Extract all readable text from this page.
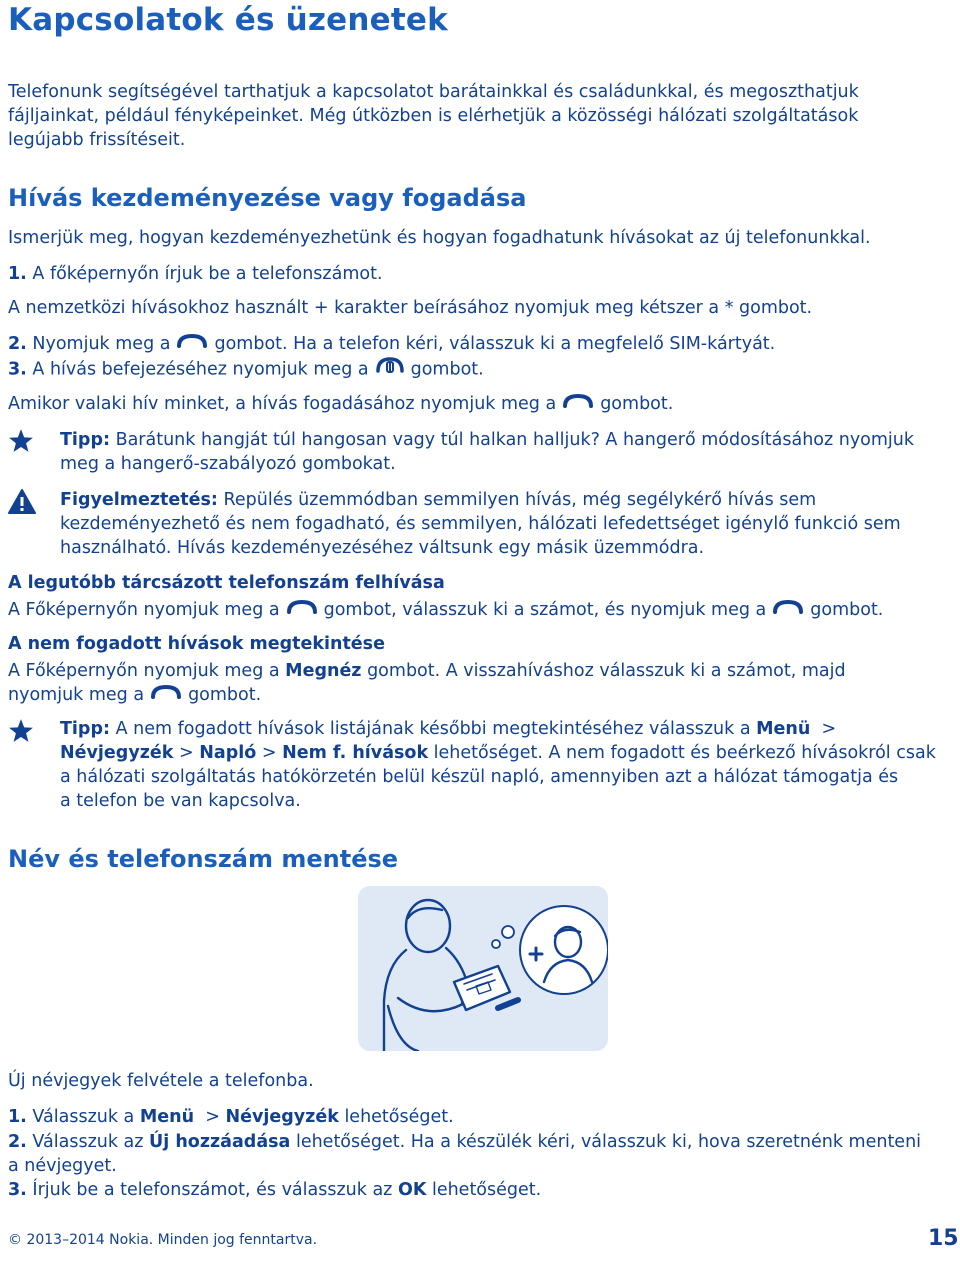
Kapcsolatok és üzenetek
Telefonunk segítségével tarthatjuk a kapcsolatot barátainkkal és családunkkal, és megoszthatjuk
fájljainkat, például fényképeinket. Még útközben is elérhetjük a közösségi hálózati szolgáltatások
legújabb frissítéseit.
Hívás kezdeményezése vagy fogadása
Ismerjük meg, hogyan kezdeményezhetünk és hogyan fogadhatunk hívásokat az új telefonunkkal.
1. A főképernyőn írjuk be a telefonszámot.
A nemzetközi hívásokhoz használt + karakter beírásához nyomjuk meg kétszer a * gombot.
2. Nyomjuk meg a	gombot. Ha a telefon kéri, válasszuk ki a megfelelő SIM-kártyát.
3. A hívás befejezéséhez nyomjuk meg a gombot.
Amikor valaki hív minket, a hívás fogadásához nyomjuk meg a	gombot.
Tipp: Barátunk hangját túl hangosan vagy túl halkan halljuk? A hangerő módosításához nyomjuk
meg a hangerő-szabályozó gombokat.
Figyelmeztetés: Repülés üzemmódban semmilyen hívás, még segélykérő hívás sem
kezdeményezhető és nem fogadható, és semmilyen, hálózati lefedettséget igénylő funkció sem
használható. Hívás kezdeményezéséhez váltsunk egy másik üzemmódra.
A legutóbb tárcsázott telefonszám felhívása
A Főképernyőn nyomjuk meg a	gombot, válasszuk ki a számot, és nyomjuk meg a	gombot.
A nem fogadott hívások megtekintése
A Főképernyőn nyomjuk meg a Megnéz gombot. A visszahíváshoz válasszuk ki a számot, majd
nyomjuk meg a	gombot.
Tipp: A nem fogadott hívások listájának későbbi megtekintéséhez válasszuk a Menü >
Névjegyzék > Napló > Nem f. hívások lehetőséget. A nem fogadott és beérkező hívásokról csak
a hálózati szolgáltatás hatókörzetén belül készül napló, amennyiben azt a hálózat támogatja és
a telefon be van kapcsolva.
Név és telefonszám mentése
Új névjegyek felvétele a telefonba.
1. Válasszuk a Menü > Névjegyzék lehetőséget.
2. Válasszuk az Új hozzáadása lehetőséget. Ha a készülék kéri, válasszuk ki, hova szeretnénk menteni
a névjegyet.
3. Írjuk be a telefonszámot, és válasszuk az OK lehetőséget.
© 2013–2014 Nokia. Minden jog fenntartva.	15
